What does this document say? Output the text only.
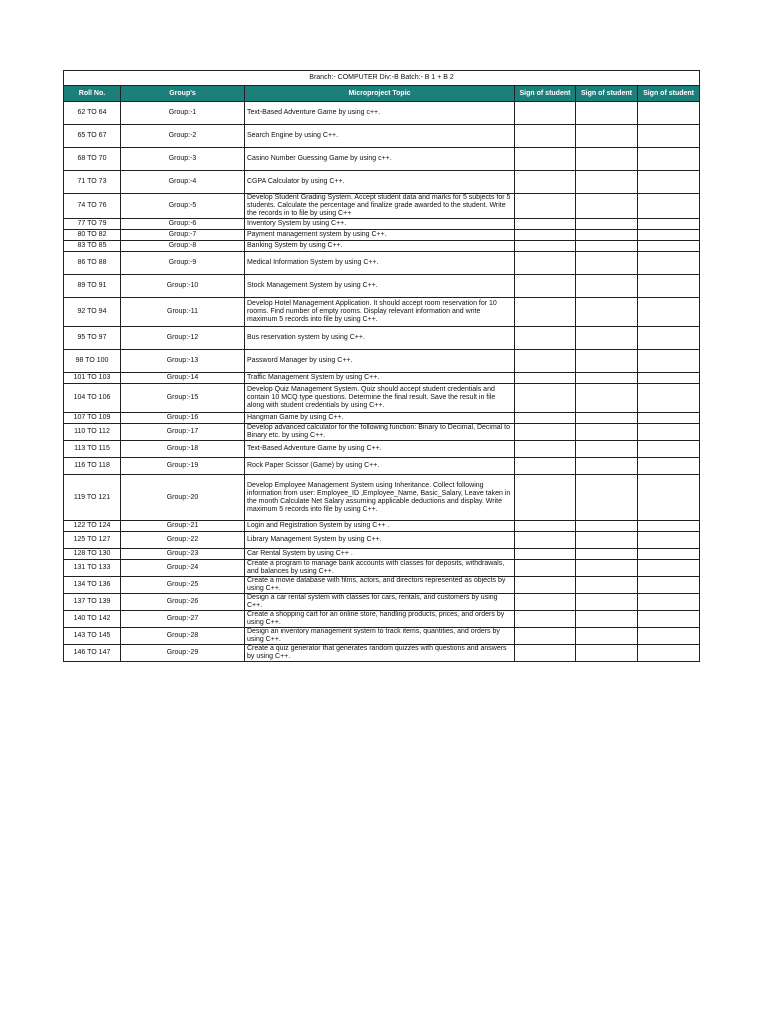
Branch:- COMPUTER Div:-B Batch:- B 1 + B 2					
Roll No.	Group's	Microproject Topic	Sign of student	Sign of student	Sign of student
62 TO 64	Group:-1	Text-Based Adventure Game by using c++.			
65 TO 67	Group:-2	Search Engine by using C++.			
68 TO 70	Group:-3	Casino Number Guessing Game by using c++.			
71 TO 73	Group:-4	CGPA Calculator by using C++.			
74 TO 76	Group:-5	Develop Student Grading System. Accept student data and marks for 5 subjects for 5 students. Calculate the percentage and finalize grade awarded to the student. Write the records in to file by using C++			
77 TO 79	Group:-6	Inventory System by using C++.			
80 TO 82	Group:-7	Payment management system by using C++.			
83 TO 85	Group:-8	Banking System by using C++.			
86 TO 88	Group:-9	Medical Information System by using C++.			
89 TO 91	Group:-10	Stock Management System by using C++.			
92 TO 94	Group:-11	Develop Hotel Management Application. It should accept room reservation for 10 rooms. Find number of empty rooms. Display relevant information and write maximum 5 records into file by using C++.			
95 TO 97	Group:-12	Bus reservation system by using C++.			
98 TO 100	Group:-13	Password Manager by using C++.			
101 TO 103	Group:-14	Traffic Management System by using C++.			
104 TO 106	Group:-15	Develop Quiz Management System. Quiz should accept student credentials and contain 10 MCQ type questions. Determine the final result. Save the result in file along with student credentials by using C++.			
107 TO 109	Group:-16	Hangman Game by using C++.			
110 TO 112	Group:-17	Develop advanced calculator for the following function: Binary to Decimal, Decimal to Binary etc. by using C++.			
113 TO 115	Group:-18	Text-Based Adventure Game by using C++.			
116 TO 118	Group:-19	Rock Paper Scissor (Game) by using C++.			
119 TO 121	Group:-20	Develop Employee Management System using Inheritance. Collect following information from user: Employee_ID ,Employee_Name, Basic_Salary, Leave taken in the month Calculate Net Salary assuming applicable deductions and display. Write maximum 5 records into file by using C++.			
122 TO 124	Group:-21	Login and Registration System by using C++ .			
125 TO 127	Group:-22	Library Management System by using C++.			
128 TO 130	Group:-23	Car Rental System by using C++ .			
131 TO 133	Group:-24	Create a program to manage bank accounts with classes for deposits, withdrawals, and balances by using C++.			
134 TO 136	Group:-25	Create a movie database with films, actors, and directors represented as objects by using C++.			
137 TO 139	Group:-26	Design a car rental system with classes for cars, rentals, and customers by using C++.			
140 TO 142	Group:-27	Create a shopping cart for an online store, handling products, prices, and orders by using C++.			
143 TO 145	Group:-28	Design an inventory management system to track items, quantities, and orders by using C++.			
146 TO 147	Group:-29	Create a quiz generator that generates random quizzes with questions and answers by using C++.			
